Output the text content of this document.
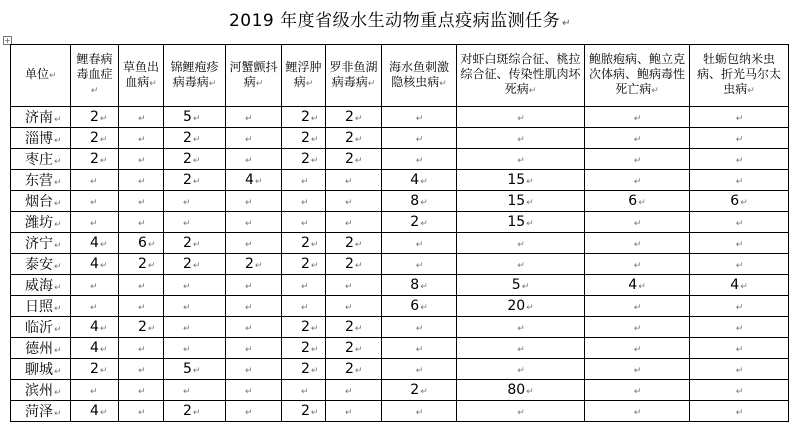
2019 年度省级水生动物重点疫病监测任务 ↵
+
单位↵	鲤春病毒血症↵	草鱼出血病↵	锦鲤疱疹病毒病↵	河蟹颤抖病↵	鲤浮肿病↵	罗非鱼湖病毒病↵	海水鱼刺激隐核虫病↵	对虾白斑综合征、桃拉综合征、传染性肌肉坏死病↵	鲍脓疱病、鲍立克次体病、鲍病毒性死亡病↵	牡蛎包纳米虫病、折光马尔太虫病↵
济南↵	2↵	↵	5↵	↵	2↵	2↵	↵	↵	↵	↵
淄博↵	2↵	↵	2↵	↵	2↵	2↵	↵	↵	↵	↵
枣庄↵	2↵	↵	2↵	↵	2↵	2↵	↵	↵	↵	↵
东营↵	↵	↵	2↵	4↵	↵	↵	4↵	15↵	↵	↵
烟台↵	↵	↵	↵	↵	↵	↵	8↵	15↵	6↵	6↵
潍坊↵	↵	↵	↵	↵	↵	↵	2↵	15↵	↵	↵
济宁↵	4↵	6↵	2↵	↵	2↵	2↵	↵	↵	↵	↵
泰安↵	4↵	2↵	2↵	2↵	2↵	2↵	↵	↵	↵	↵
威海↵	↵	↵	↵	↵	↵	↵	8↵	5↵	4↵	4↵
日照↵	↵	↵	↵	↵	↵	↵	6↵	20↵	↵	↵
临沂↵	4↵	2↵	↵	↵	2↵	2↵	↵	↵	↵	↵
德州↵	4↵	↵	↵	↵	2↵	2↵	↵	↵	↵	↵
聊城↵	2↵	↵	5↵	↵	2↵	2↵	↵	↵	↵	↵
滨州↵	↵	↵	↵	↵	↵	↵	2↵	80↵	↵	↵
菏泽↵	4↵	↵	2↵	↵	2↵	↵	↵	↵	↵	↵
